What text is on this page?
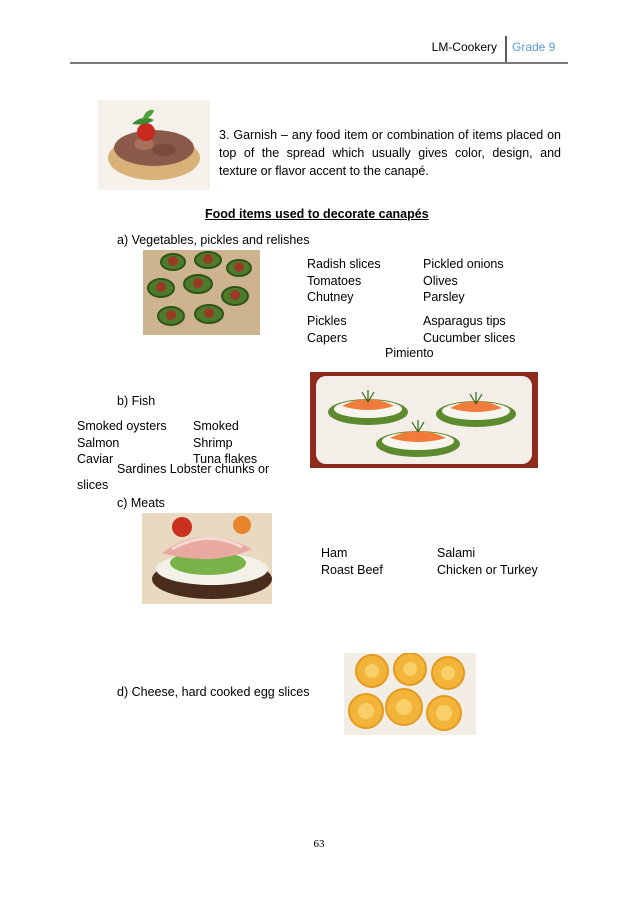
LM-Cookery Grade 9
3. Garnish – any food item or combination of items placed on top of the spread which usually gives color, design, and texture or flavor accent to the canapé.
Food items used to decorate canapés
a) Vegetables, pickles and relishes
Radish slices
Tomatoes
Chutney
Pickled onions
Olives
Parsley
Pickles
Capers
Asparagus tips
Cucumber slices
Pimiento
b) Fish
Smoked oysters
Salmon
Caviar
Smoked
Shrimp
Tuna flakes
Sardines Lobster chunks or
slices
c) Meats
Ham
Roast Beef
Salami
Chicken or Turkey
d) Cheese, hard cooked egg slices
63
